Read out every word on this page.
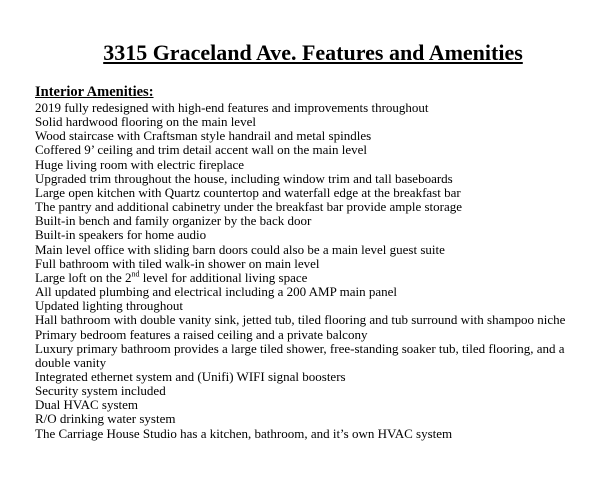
3315 Graceland Ave. Features and Amenities
Interior Amenities:
2019 fully redesigned with high-end features and improvements throughout
Solid hardwood flooring on the main level
Wood staircase with Craftsman style handrail and metal spindles
Coffered 9’ ceiling and trim detail accent wall on the main level
Huge living room with electric fireplace
Upgraded trim throughout the house, including window trim and tall baseboards
Large open kitchen with Quartz countertop and waterfall edge at the breakfast bar
The pantry and additional cabinetry under the breakfast bar provide ample storage
Built-in bench and family organizer by the back door
Built-in speakers for home audio
Main level office with sliding barn doors could also be a main level guest suite
Full bathroom with tiled walk-in shower on main level
Large loft on the 2nd level for additional living space
All updated plumbing and electrical including a 200 AMP main panel
Updated lighting throughout
Hall bathroom with double vanity sink, jetted tub, tiled flooring and tub surround with shampoo niche
Primary bedroom features a raised ceiling and a private balcony
Luxury primary bathroom provides a large tiled shower, free-standing soaker tub, tiled flooring, and a double vanity
Integrated ethernet system and (Unifi) WIFI signal boosters
Security system included
Dual HVAC system
R/O drinking water system
The Carriage House Studio has a kitchen, bathroom, and it’s own HVAC system
